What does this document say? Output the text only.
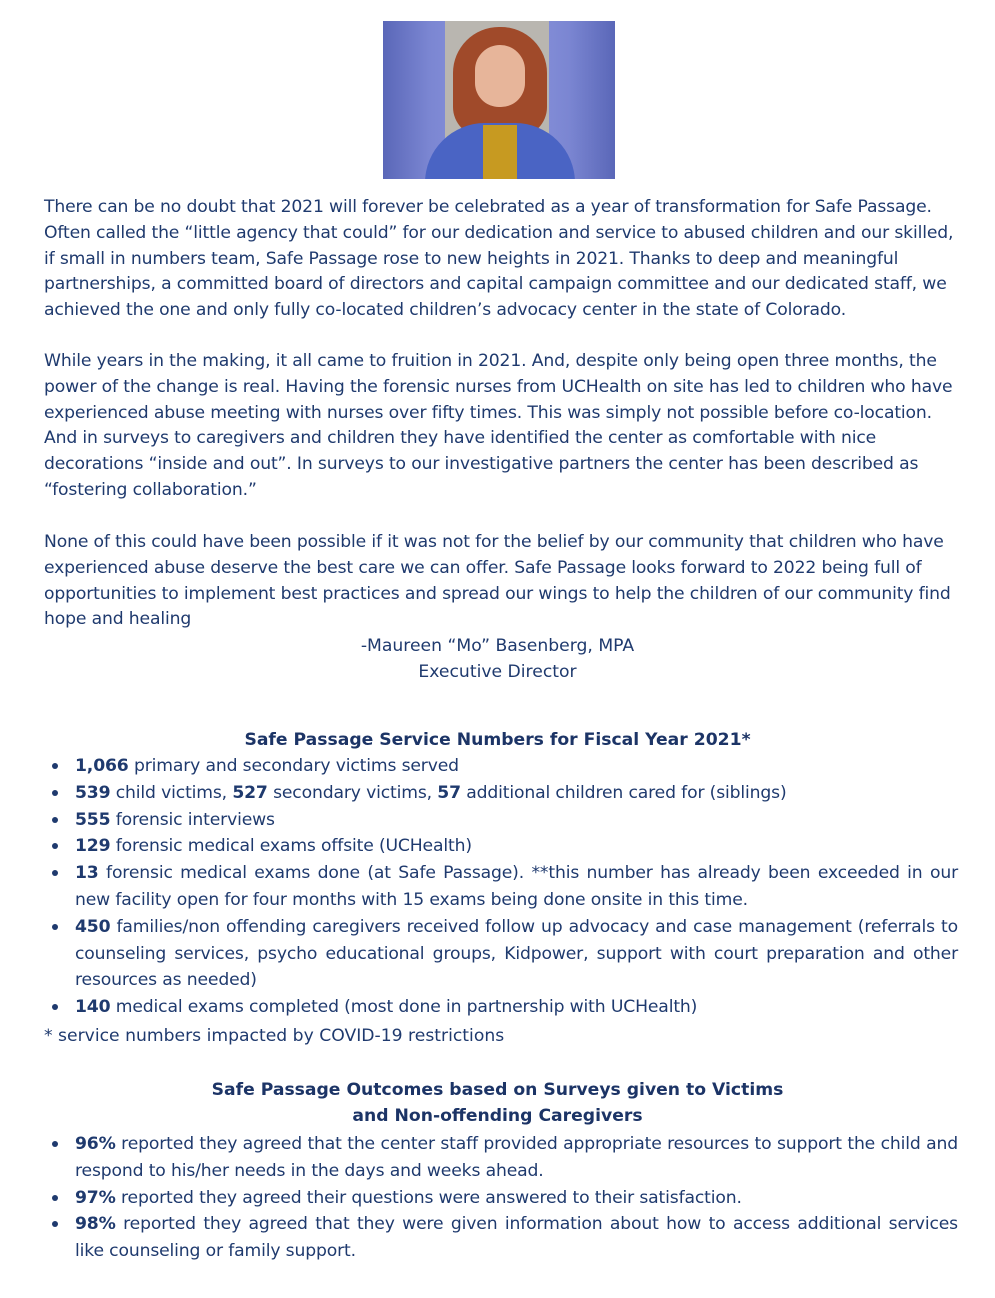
There can be no doubt that 2021 will forever be celebrated as a year of transformation for Safe Passage. Often called the “little agency that could” for our dedication and service to abused children and our skilled, if small in numbers team, Safe Passage rose to new heights in 2021. Thanks to deep and meaningful partnerships, a committed board of directors and capital campaign committee and our dedicated staff, we achieved the one and only fully co-located children’s advocacy center in the state of Colorado.

While years in the making, it all came to fruition in 2021. And, despite only being open three months, the power of the change is real. Having the forensic nurses from UCHealth on site has led to children who have experienced abuse meeting with nurses over fifty times. This was simply not possible before co-location. And in surveys to caregivers and children they have identified the center as comfortable with nice decorations “inside and out”. In surveys to our investigative partners the center has been described as “fostering collaboration.”

None of this could have been possible if it was not for the belief by our community that children who have experienced abuse deserve the best care we can offer. Safe Passage looks forward to 2022 being full of opportunities to implement best practices and spread our wings to help the children of our community find hope and healing

-Maureen “Mo” Basenberg, MPA
Executive Director
Safe Passage Service Numbers for Fiscal Year 2021*
1,066 primary and secondary victims served
539 child victims, 527 secondary victims, 57 additional children cared for (siblings)
555 forensic interviews
129 forensic medical exams offsite (UCHealth)
13 forensic medical exams done (at Safe Passage). **this number has already been exceeded in our new facility open for four months with 15 exams being done onsite in this time.
450 families/non offending caregivers received follow up advocacy and case management (referrals to counseling services, psycho educational groups, Kidpower, support with court preparation and other resources as needed)
140 medical exams completed (most done in partnership with UCHealth)
* service numbers impacted by COVID-19 restrictions
Safe Passage Outcomes based on Surveys given to Victims
and Non-offending Caregivers
96% reported they agreed that the center staff provided appropriate resources to support the child and respond to his/her needs in the days and weeks ahead.
97% reported they agreed their questions were answered to their satisfaction.
98% reported they agreed that they were given information about how to access additional services like counseling or family support.
